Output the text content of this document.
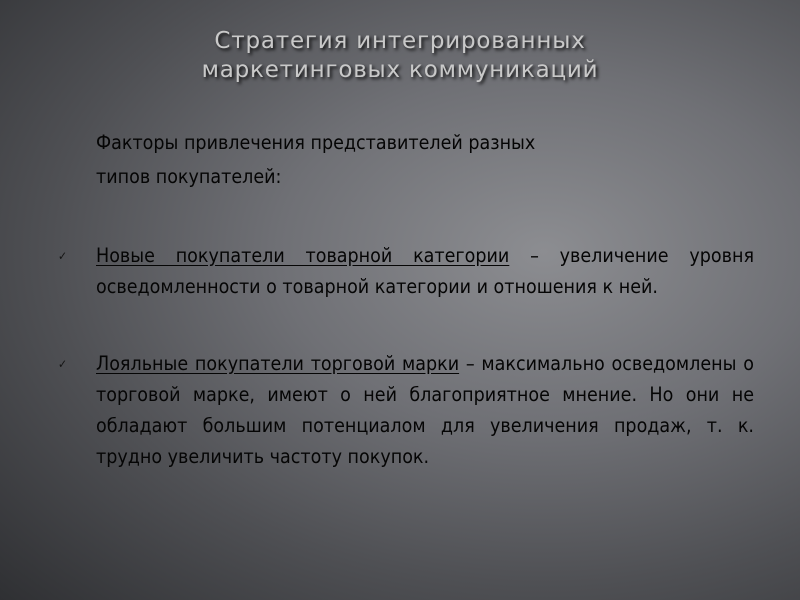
Стратегия интегрированных
маркетинговых коммуникаций

Факторы привлечения представителей разных
типов покупателей:

✓ Новые покупатели товарной категории – увеличение уровня осведомленности о товарной категории и отношения к ней.

✓ Лояльные покупатели торговой марки – максимально осведомлены о торговой марке, имеют о ней благоприятное мнение. Но они не обладают большим потенциалом для увеличения продаж, т. к. трудно увеличить частоту покупок.
